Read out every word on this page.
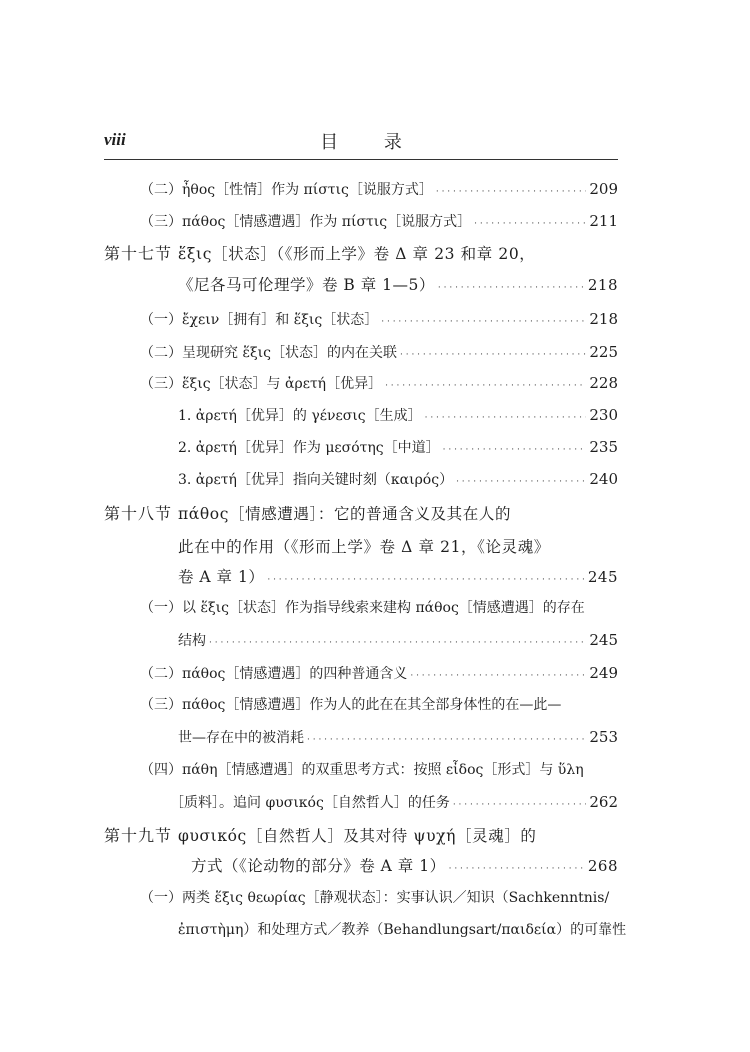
viii	目 录
（二）ἦθος［性情］作为 πίστις［说服方式］ · · ·	209
（三）πάθος［情感遭遇］作为 πίστις［说服方式］ · · ·	211
第十七节 ἕξις［状态］（《形而上学》卷 Δ 章 23 和章 20，
《尼各马可伦理学》卷 B 章 1—5） · · ·	218
（一）ἔχειν［拥有］和 ἕξις［状态］ · · ·	218
（二）呈现研究 ἕξις［状态］的内在关联 · · ·	225
（三）ἕξις［状态］与 ἀρετή［优异］ · · ·	228
1. ἀρετή［优异］的 γένεσις［生成］ · · ·	230
2. ἀρετή［优异］作为 μεσότης［中道］ · · ·	235
3. ἀρετή［优异］指向关键时刻（καιρός） · · ·	240
第十八节 πάθος［情感遭遇］：它的普通含义及其在人的
此在中的作用（《形而上学》卷 Δ 章 21，《论灵魂》
卷 A 章 1） · · ·	245
（一）以 ἕξις［状态］作为指导线索来建构 πάθος［情感遭遇］的存在
结构 · · ·	245
（二）πάθος［情感遭遇］的四种普通含义 · · ·	249
（三）πάθος［情感遭遇］作为人的此在在其全部身体性的在—此—
世—存在中的被消耗 · · ·	253
（四）πάθη［情感遭遇］的双重思考方式：按照 εἶδος［形式］与 ὕλη
［质料］。追问 φυσικός［自然哲人］的任务 · · ·	262
第十九节 φυσικός［自然哲人］及其对待 ψυχή［灵魂］的
方式（《论动物的部分》卷 A 章 1） · · ·	268
（一）两类 ἕξις θεωρίας［静观状态］：实事认识／知识（Sachkenntnis/
ἐπιστὴμη）和处理方式／教养（Behandlungsart/παιδεία）的可靠性
